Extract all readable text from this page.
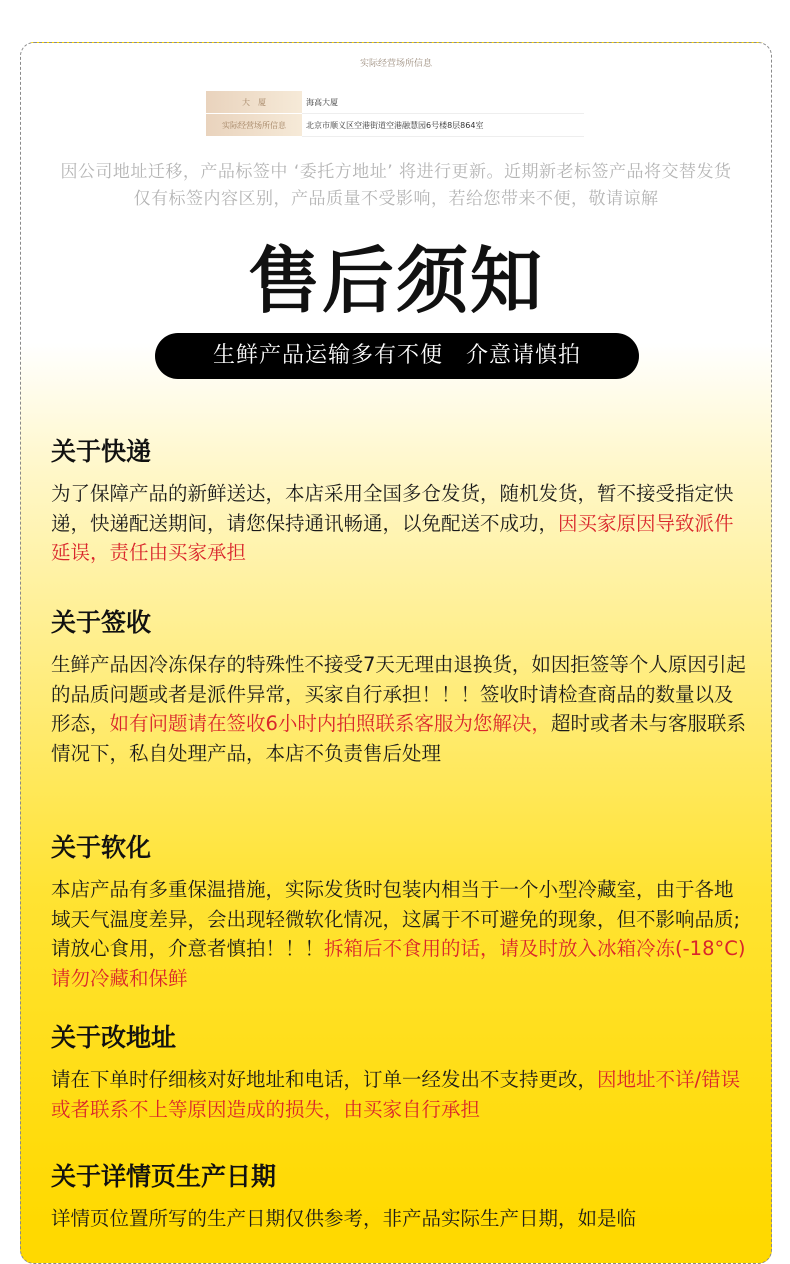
实际经营场所信息
大　厦	海高大厦
实际经营场所信息	北京市顺义区空港街道空港融慧园6号楼8层864室
因公司地址迁移，产品标签中 ‘委托方地址’ 将进行更新。近期新老标签产品将交替发货
仅有标签内容区别，产品质量不受影响，若给您带来不便，敬请谅解
售后须知
生鲜产品运输多有不便　介意请慎拍
关于快递

为了保障产品的新鲜送达，本店采用全国多仓发货，随机发货，暂不接受指定快递，快递配送期间，请您保持通讯畅通，以免配送不成功，因买家原因导致派件延误，责任由买家承担

关于签收

生鲜产品因冷冻保存的特殊性不接受7天无理由退换货，如因拒签等个人原因引起的品质问题或者是派件异常，买家自行承担！！！签收时请检查商品的数量以及形态，如有问题请在签收6小时内拍照联系客服为您解决，超时或者未与客服联系情况下，私自处理产品，本店不负责售后处理

关于软化

本店产品有多重保温措施，实际发货时包装内相当于一个小型冷藏室，由于各地域天气温度差异，会出现轻微软化情况，这属于不可避免的现象，但不影响品质;请放心食用，介意者慎拍！！！拆箱后不食用的话，请及时放入冰箱冷冻(-18°C)请勿冷藏和保鲜

关于改地址

请在下单时仔细核对好地址和电话，订单一经发出不支持更改，因地址不详/错误或者联系不上等原因造成的损失，由买家自行承担

关于详情页生产日期

详情页位置所写的生产日期仅供参考，非产品实际生产日期，如是临
